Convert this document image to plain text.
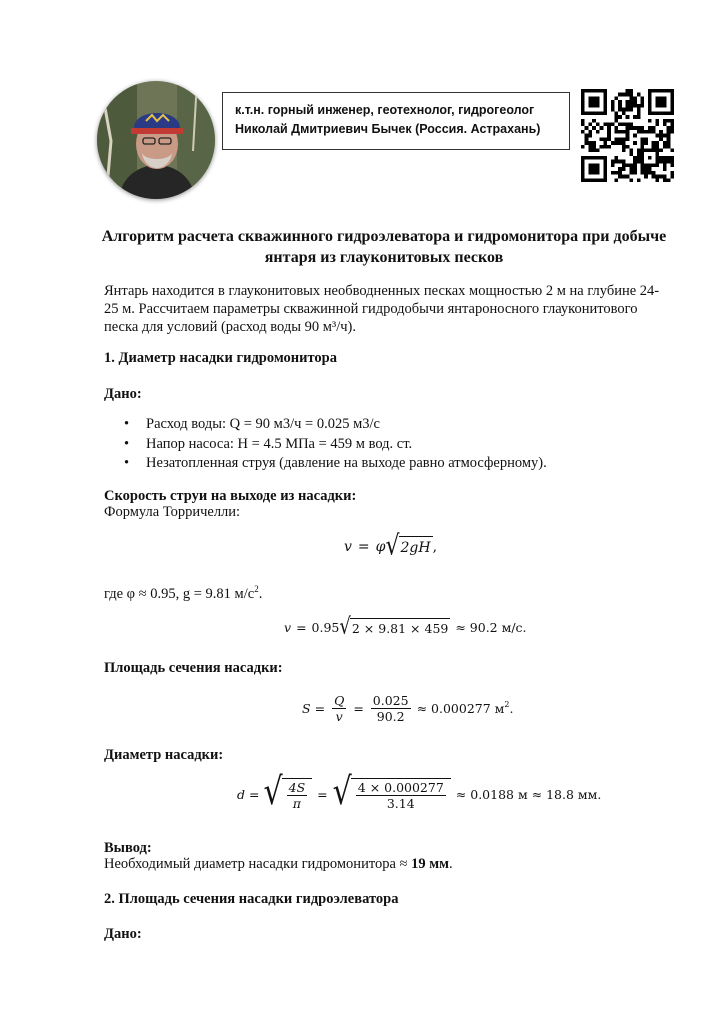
к.т.н. горный инженер, геотехнолог, гидрогеолог
Николай Дмитриевич Бычек (Россия. Астрахань)
Алгоритм расчета скважинного гидроэлеватора и гидромонитора при добыче янтаря из глауконитовых песков

Янтарь находится в глауконитовых необводненных песках мощностью 2 м на глубине 24-25 м. Рассчитаем параметры скважинной гидродобычи янтароносного глауконитового песка для условий (расход воды 90 м³/ч).

1. Диаметр насадки гидромонитора
Дано:
• Расход воды: Q = 90 м3/ч = 0.025 м3/с
• Напор насоса: H = 4.5 МПа = 459 м вод. ст.
• Незатопленная струя (давление на выходе равно атмосферному).
Скорость струи на выходе из насадки:
Формула Торричелли:
v = φ √ 2gH ,
где φ ≈ 0.95, g = 9.81 $м/с^2$.
v = 0.95 √ 2 × 9.81 × 459 ≈ 90.2 м/с.
Площадь сечения насадки:
$S = \frac{Q}{v} = \frac{0.025}{90.2} \approx 0.000277$ $м^2$ .
Диаметр насадки:
d = √ $\frac{4S}{\pi}$ = √ $\frac{4 \times 0.000277}{3.14} \approx 0.0188$ м ≈ 18.8 мм.
Вывод:
Необходимый диаметр насадки гидромонитора ≈ 19 мм.
2. Площадь сечения насадки гидроэлеватора
Дано:
